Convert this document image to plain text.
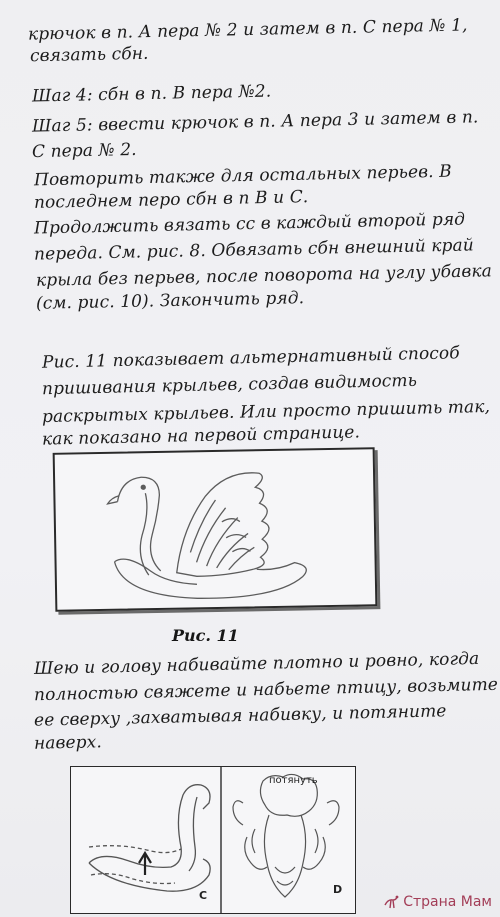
крючок в п. А пера № 2 и затем в п. С пера № 1,
связать сбн.
Шаг 4: сбн в п. В пера №2.
Шаг 5: ввести крючок в п. А пера 3 и затем в п.
С пера № 2.
Повторить также для остальных перьев. В
последнем перо сбн в п В и С.
Продолжить вязать сс в каждый второй ряд
переда. См. рис. 8. Обвязать сбн внешний край
крыла без перьев, после поворота на углу убавка
(см. рис. 10). Закончить ряд.
Рис. 11 показывает альтернативный способ
пришивания крыльев, создав видимость
раскрытых крыльев. Или просто пришить так,
как показано на первой странице.
Рис. 11
Шею и голову набивайте плотно и ровно, когда
полностью свяжете и набьете птицу, возьмите
ее сверху ,захватывая набивку, и потяните
наверх.
потянуть
C	D
Страна Мам
